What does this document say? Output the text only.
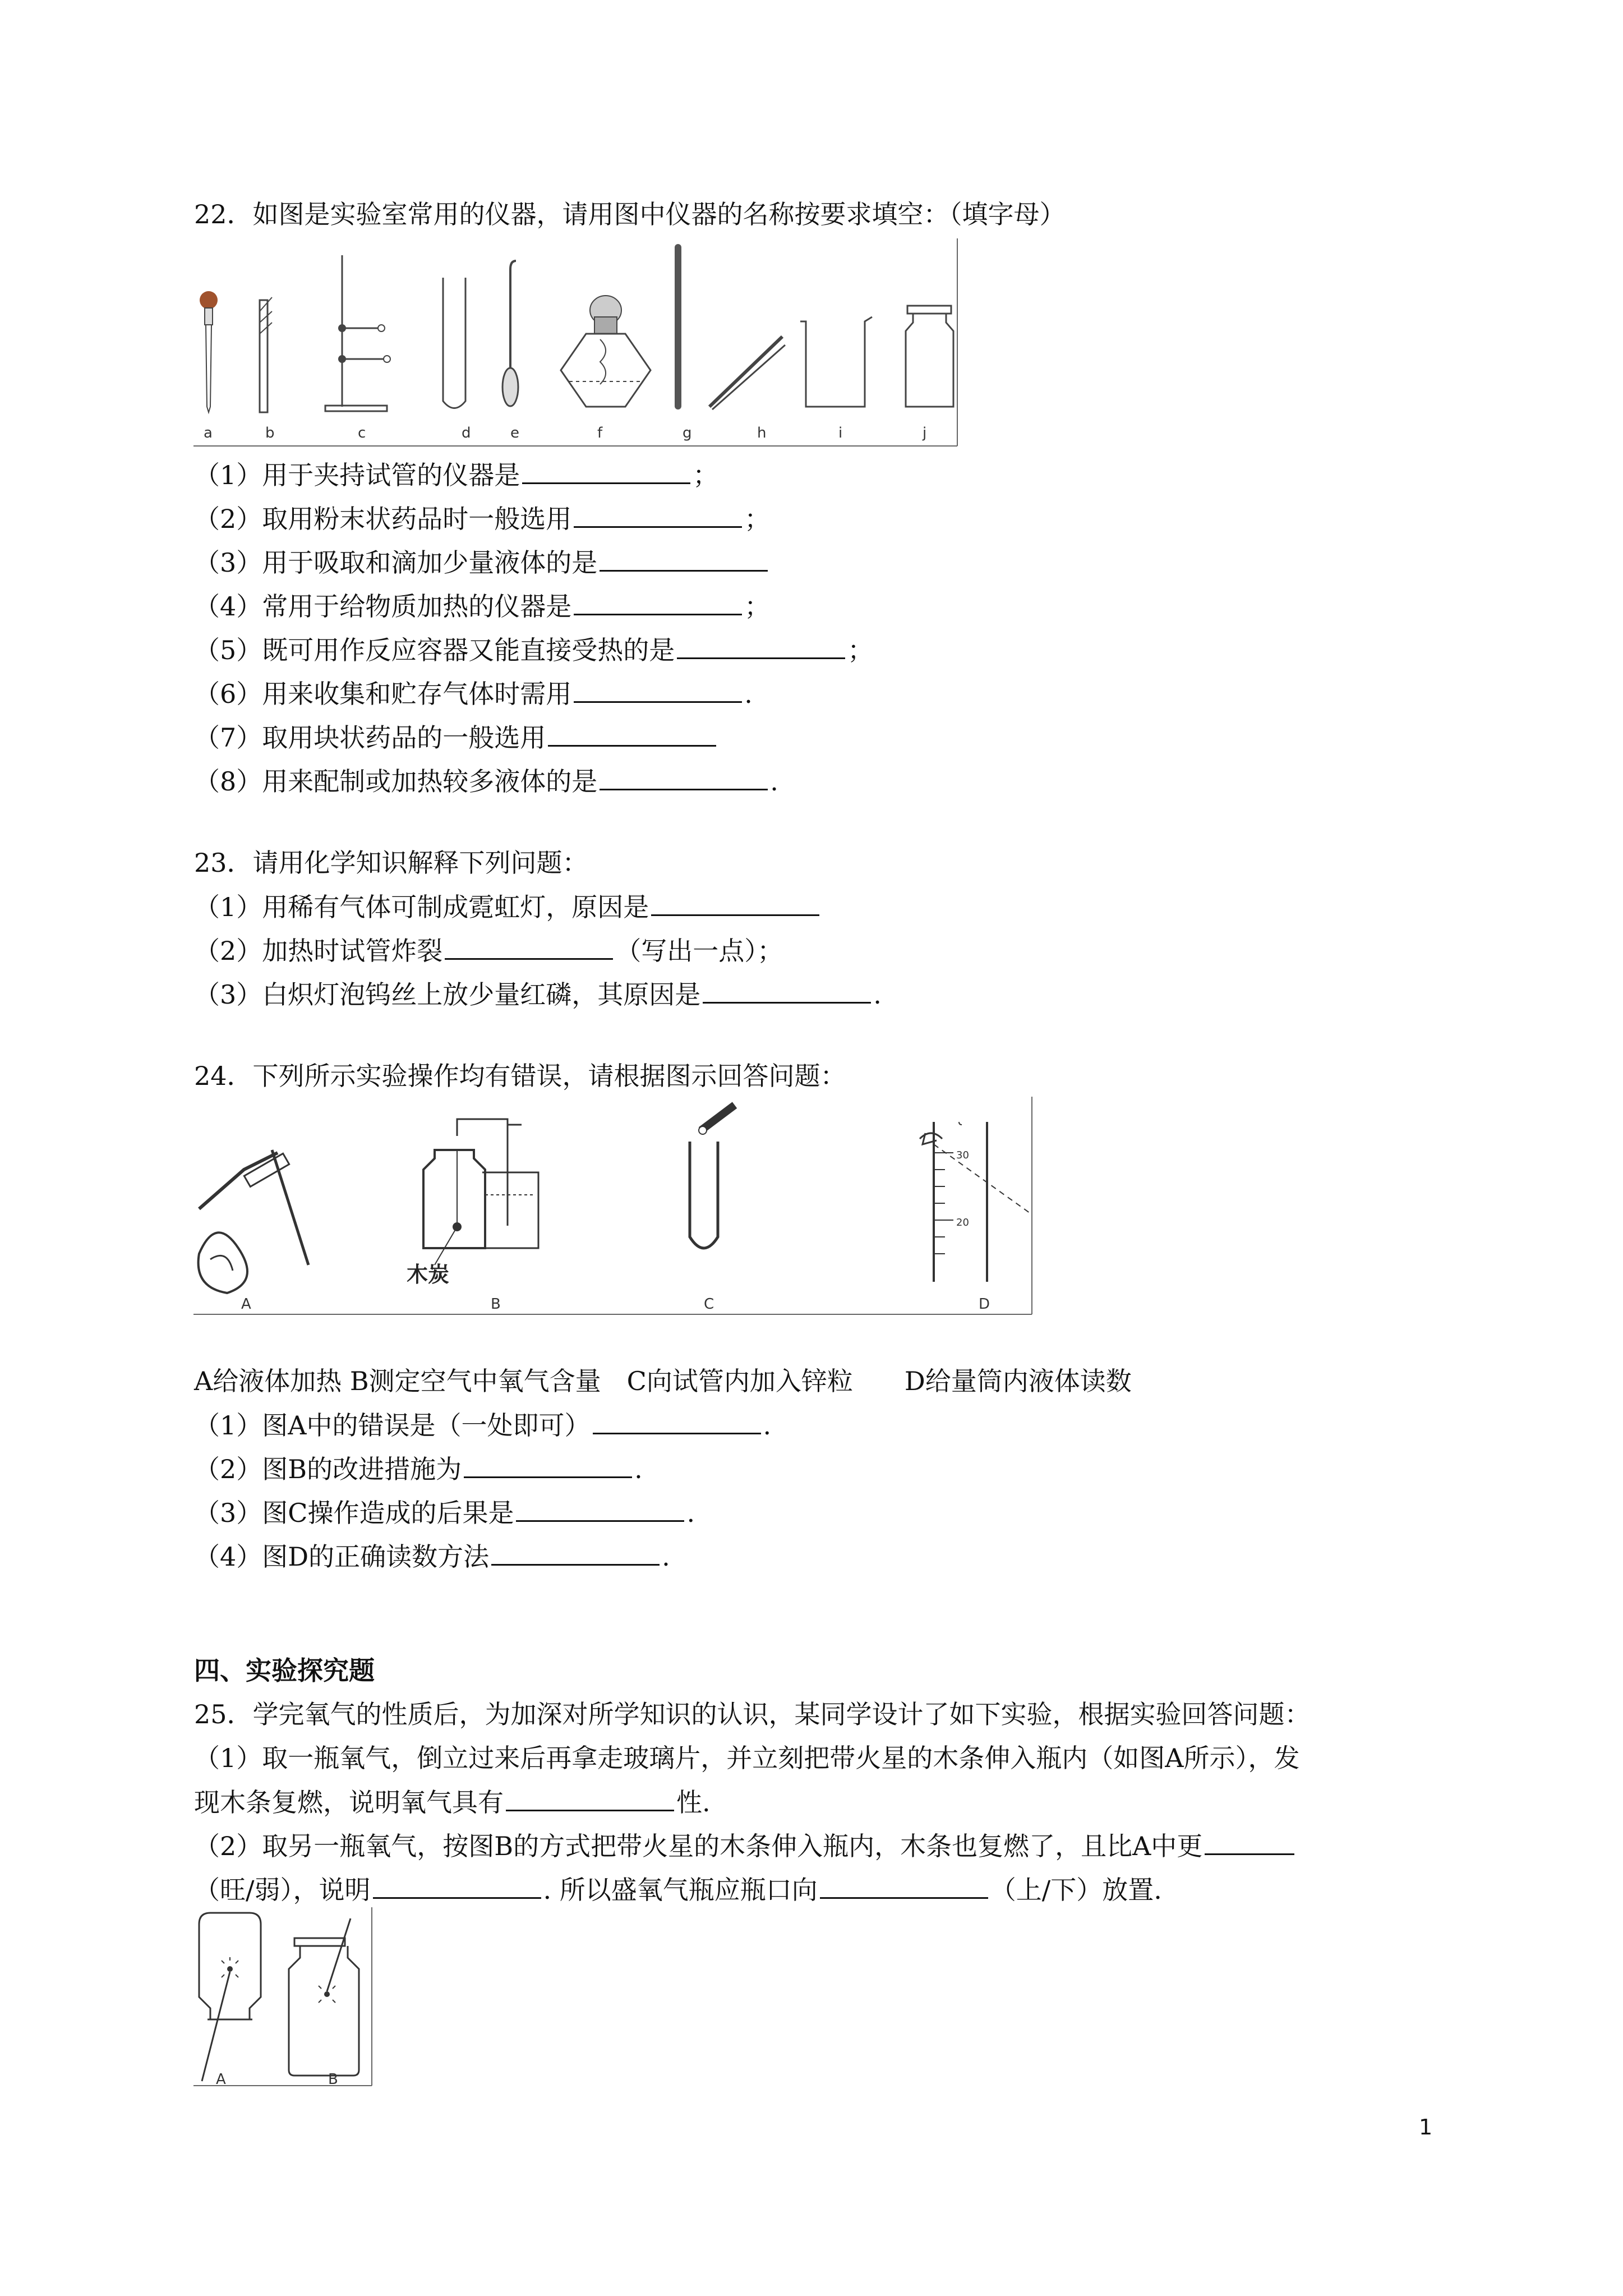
22．如图是实验室常用的仪器，请用图中仪器的名称按要求填空：（填字母）
a	b	c	d	e	f	g	h	i	j
（1）用于夹持试管的仪器是	；
（2）取用粉末状药品时一般选用	；
（3）用于吸取和滴加少量液体的是
（4）常用于给物质加热的仪器是	；
（5）既可用作反应容器又能直接受热的是	；
（6）用来收集和贮存气体时需用	.
（7）取用块状药品的一般选用
（8）用来配制或加热较多液体的是	.
23．请用化学知识解释下列问题：
（1）用稀有气体可制成霓虹灯，原因是
（2）加热时试管炸裂	（写出一点）；
（3）白炽灯泡钨丝上放少量红磷，其原因是	.
24．下列所示实验操作均有错误，请根据图示回答问题：
木炭
30
20
A	B	C	D
A给液体加热 B测定空气中氧气含量　C向试管内加入锌粒　　D给量筒内液体读数
（1）图A中的错误是（一处即可）	.
（2）图B的改进措施为	.
（3）图C操作造成的后果是	.
（4）图D的正确读数方法	.
四、实验探究题
25．学完氧气的性质后，为加深对所学知识的认识，某同学设计了如下实验，根据实验回答问题：
（1）取一瓶氧气，倒立过来后再拿走玻璃片，并立刻把带火星的木条伸入瓶内（如图A所示），发
现木条复燃，说明氧气具有	性.
（2）取另一瓶氧气，按图B的方式把带火星的木条伸入瓶内，木条也复燃了，且比A中更
（旺/弱），说明	. 所以盛氧气瓶应瓶口向	（上/下）放置.
A	B
1
